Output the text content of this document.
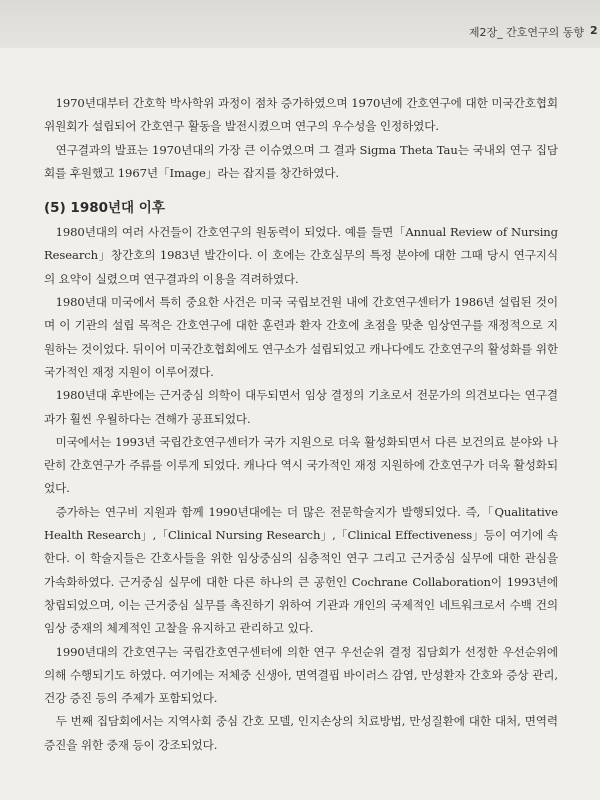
제2장_ 간호연구의 동향 2

1970년대부터 간호학 박사학위 과정이 점차 증가하였으며 1970년에 간호연구에 대한 미국간호협회위원회가 설립되어 간호연구 활동을 발전시켰으며 연구의 우수성을 인정하였다.

연구결과의 발표는 1970년대의 가장 큰 이슈였으며 그 결과 Sigma Theta Tau는 국내외 연구 집담회를 후원했고 1967년「Image」라는 잡지를 창간하였다.

(5) 1980년대 이후

1980년대의 여러 사건들이 간호연구의 원동력이 되었다. 예를 들면「Annual Review of Nursing Research」창간호의 1983년 발간이다. 이 호에는 간호실무의 특정 분야에 대한 그때 당시 연구지식의 요약이 실렸으며 연구결과의 이용을 격려하였다.

1980년대 미국에서 특히 중요한 사건은 미국 국립보건원 내에 간호연구센터가 1986년 설립된 것이며 이 기관의 설립 목적은 간호연구에 대한 훈련과 환자 간호에 초점을 맞춘 임상연구를 재정적으로 지원하는 것이었다. 뒤이어 미국간호협회에도 연구소가 설립되었고 캐나다에도 간호연구의 활성화를 위한 국가적인 재정 지원이 이루어졌다.

1980년대 후반에는 근거중심 의학이 대두되면서 임상 결정의 기초로서 전문가의 의견보다는 연구결과가 훨씬 우월하다는 견해가 공표되었다.

미국에서는 1993년 국립간호연구센터가 국가 지원으로 더욱 활성화되면서 다른 보건의료 분야와 나란히 간호연구가 주류를 이루게 되었다. 캐나다 역시 국가적인 재정 지원하에 간호연구가 더욱 활성화되었다.

증가하는 연구비 지원과 함께 1990년대에는 더 많은 전문학술지가 발행되었다. 즉,「Qualitative Health Research」,「Clinical Nursing Research」,「Clinical Effectiveness」등이 여기에 속한다. 이 학술지들은 간호사들을 위한 임상중심의 심층적인 연구 그리고 근거중심 실무에 대한 관심을 가속화하였다. 근거중심 실무에 대한 다른 하나의 큰 공헌인 Cochrane Collaboration이 1993년에 창립되었으며, 이는 근거중심 실무를 촉진하기 위하여 기관과 개인의 국제적인 네트워크로서 수백 건의 임상 중재의 체계적인 고찰을 유지하고 관리하고 있다.

1990년대의 간호연구는 국립간호연구센터에 의한 연구 우선순위 결정 집담회가 선정한 우선순위에 의해 수행되기도 하였다. 여기에는 저체중 신생아, 면역결핍 바이러스 감염, 만성환자 간호와 증상 관리, 건강 증진 등의 주제가 포함되었다.

두 번째 집담회에서는 지역사회 중심 간호 모델, 인지손상의 치료방법, 만성질환에 대한 대처, 면역력 증진을 위한 중재 등이 강조되었다.
